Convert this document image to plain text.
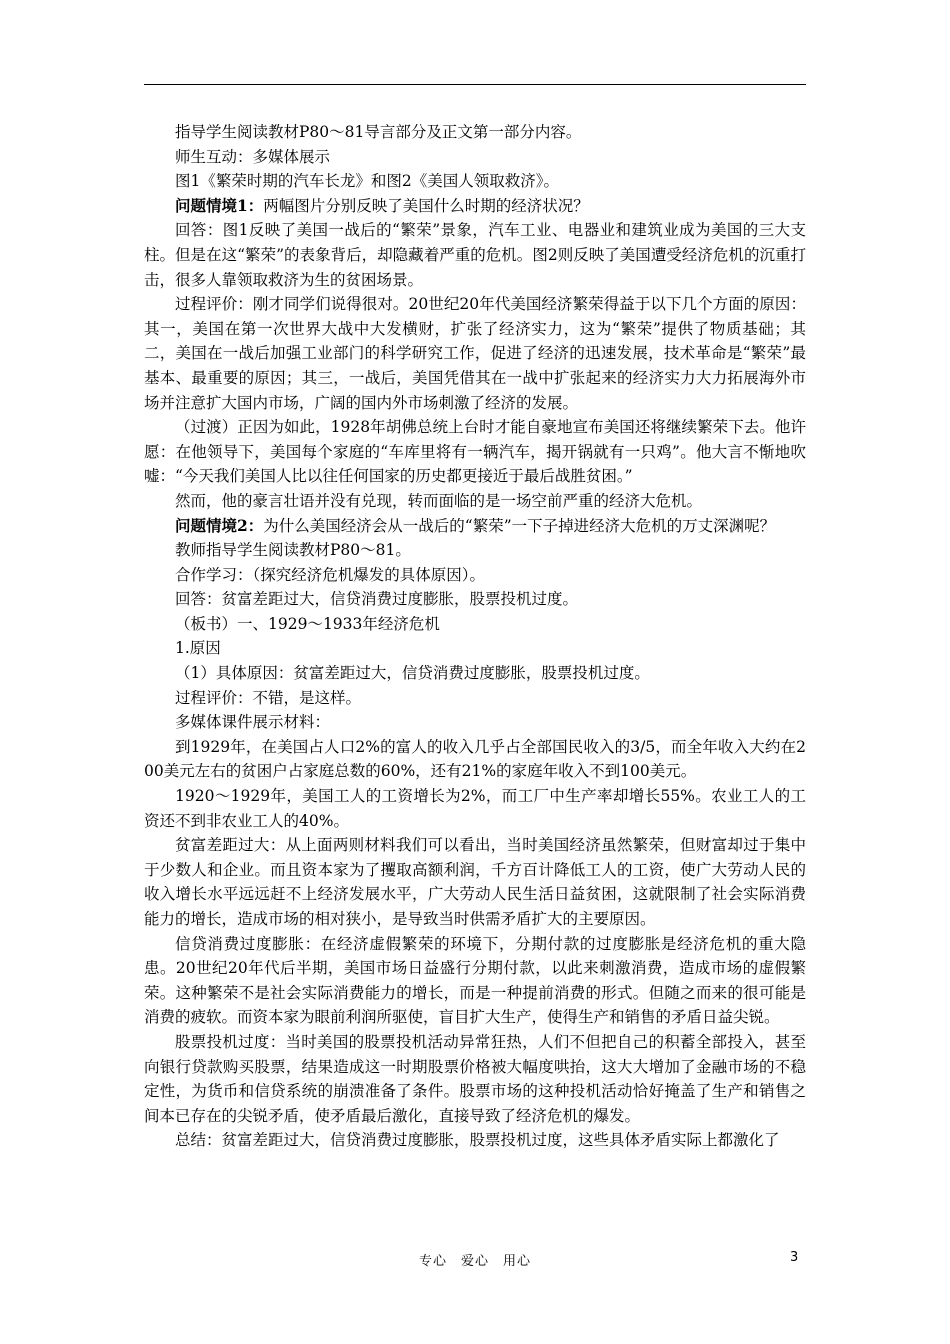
指导学生阅读教材P80～81导言部分及正文第一部分内容。

师生互动：多媒体展示

图1《繁荣时期的汽车长龙》和图2《美国人领取救济》。

问题情境1：两幅图片分别反映了美国什么时期的经济状况？

回答：图1反映了美国一战后的“繁荣”景象，汽车工业、电器业和建筑业成为美国的三大支柱。但是在这“繁荣”的表象背后，却隐藏着严重的危机。图2则反映了美国遭受经济危机的沉重打击，很多人靠领取救济为生的贫困场景。

过程评价：刚才同学们说得很对。20世纪20年代美国经济繁荣得益于以下几个方面的原因：其一，美国在第一次世界大战中大发横财，扩张了经济实力，这为“繁荣”提供了物质基础；其二，美国在一战后加强工业部门的科学研究工作，促进了经济的迅速发展，技术革命是“繁荣”最基本、最重要的原因；其三，一战后，美国凭借其在一战中扩张起来的经济实力大力拓展海外市场并注意扩大国内市场，广阔的国内外市场刺激了经济的发展。

（过渡）正因为如此，1928年胡佛总统上台时才能自豪地宣布美国还将继续繁荣下去。他许愿：在他领导下，美国每个家庭的“车库里将有一辆汽车，揭开锅就有一只鸡”。他大言不惭地吹嘘：“今天我们美国人比以往任何国家的历史都更接近于最后战胜贫困。”

然而，他的豪言壮语并没有兑现，转而面临的是一场空前严重的经济大危机。

问题情境2：为什么美国经济会从一战后的“繁荣”一下子掉进经济大危机的万丈深渊呢？

教师指导学生阅读教材P80～81。

合作学习：（探究经济危机爆发的具体原因）。

回答：贫富差距过大，信贷消费过度膨胀，股票投机过度。

（板书）一、1929～1933年经济危机

1.原因

（1）具体原因：贫富差距过大，信贷消费过度膨胀，股票投机过度。

过程评价：不错，是这样。

多媒体课件展示材料：

到1929年，在美国占人口2%的富人的收入几乎占全部国民收入的3/5，而全年收入大约在200美元左右的贫困户占家庭总数的60%，还有21%的家庭年收入不到100美元。

1920～1929年，美国工人的工资增长为2%，而工厂中生产率却增长55%。农业工人的工资还不到非农业工人的40%。

贫富差距过大：从上面两则材料我们可以看出，当时美国经济虽然繁荣，但财富却过于集中于少数人和企业。而且资本家为了攫取高额利润，千方百计降低工人的工资，使广大劳动人民的收入增长水平远远赶不上经济发展水平，广大劳动人民生活日益贫困，这就限制了社会实际消费能力的增长，造成市场的相对狭小，是导致当时供需矛盾扩大的主要原因。

信贷消费过度膨胀：在经济虚假繁荣的环境下，分期付款的过度膨胀是经济危机的重大隐患。20世纪20年代后半期，美国市场日益盛行分期付款，以此来刺激消费，造成市场的虚假繁荣。这种繁荣不是社会实际消费能力的增长，而是一种提前消费的形式。但随之而来的很可能是消费的疲软。而资本家为眼前利润所驱使，盲目扩大生产，使得生产和销售的矛盾日益尖锐。

股票投机过度：当时美国的股票投机活动异常狂热，人们不但把自己的积蓄全部投入，甚至向银行贷款购买股票，结果造成这一时期股票价格被大幅度哄抬，这大大增加了金融市场的不稳定性，为货币和信贷系统的崩溃准备了条件。股票市场的这种投机活动恰好掩盖了生产和销售之间本已存在的尖锐矛盾，使矛盾最后激化，直接导致了经济危机的爆发。

总结：贫富差距过大，信贷消费过度膨胀，股票投机过度，这些具体矛盾实际上都激化了

专心　爱心　用心	3
